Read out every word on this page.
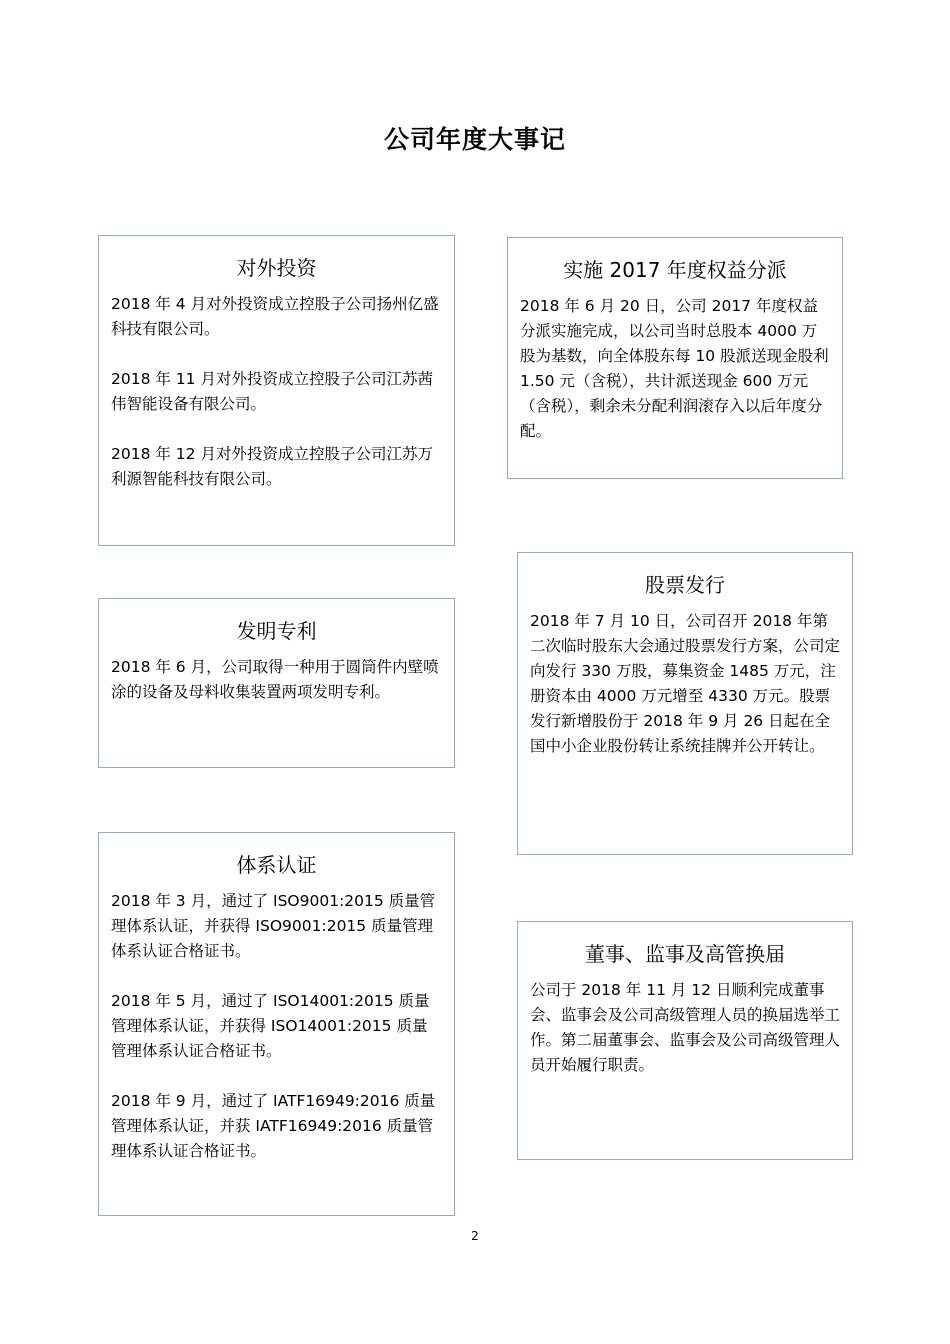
公司年度大事记
对外投资

2018 年 4 月对外投资成立控股子公司扬州亿盛科技有限公司。

2018 年 11 月对外投资成立控股子公司江苏茜伟智能设备有限公司。

2018 年 12 月对外投资成立控股子公司江苏万利源智能科技有限公司。

实施 2017 年度权益分派

2018 年 6 月 20 日，公司 2017 年度权益 分派实施完成，以公司当时总股本 4000 万股为基数，向全体股东每 10 股派送现金股利 1.50 元（含税），共计派送现金 600 万元（含税），剩余未分配利润滚存入以后年度分配。

股票发行

2018 年 7 月 10 日，公司召开 2018 年第二次临时股东大会通过股票发行方案，公司定向发行 330 万股，募集资金 1485 万元，注册资本由 4000 万元增至 4330 万元。股票发行新增股份于 2018 年 9 月 26 日起在全国中小企业股份转让系统挂牌并公开转让。

发明专利

2018 年 6 月，公司取得一种用于圆筒件内壁喷涂的设备及母料收集装置两项发明专利。

体系认证

2018 年 3 月，通过了 ISO9001:2015 质量管理体系认证，并获得 ISO9001:2015 质量管理体系认证合格证书。

2018 年 5 月，通过了 ISO14001:2015 质量管理体系认证，并获得 ISO14001:2015 质量管理体系认证合格证书。

2018 年 9 月，通过了 IATF16949:2016 质量管理体系认证，并获 IATF16949:2016 质量管理体系认证合格证书。

董事、监事及高管换届

公司于 2018 年 11 月 12 日顺利完成董事会、监事会及公司高级管理人员的换届选举工作。第二届董事会、监事会及公司高级管理人员开始履行职责。

2
